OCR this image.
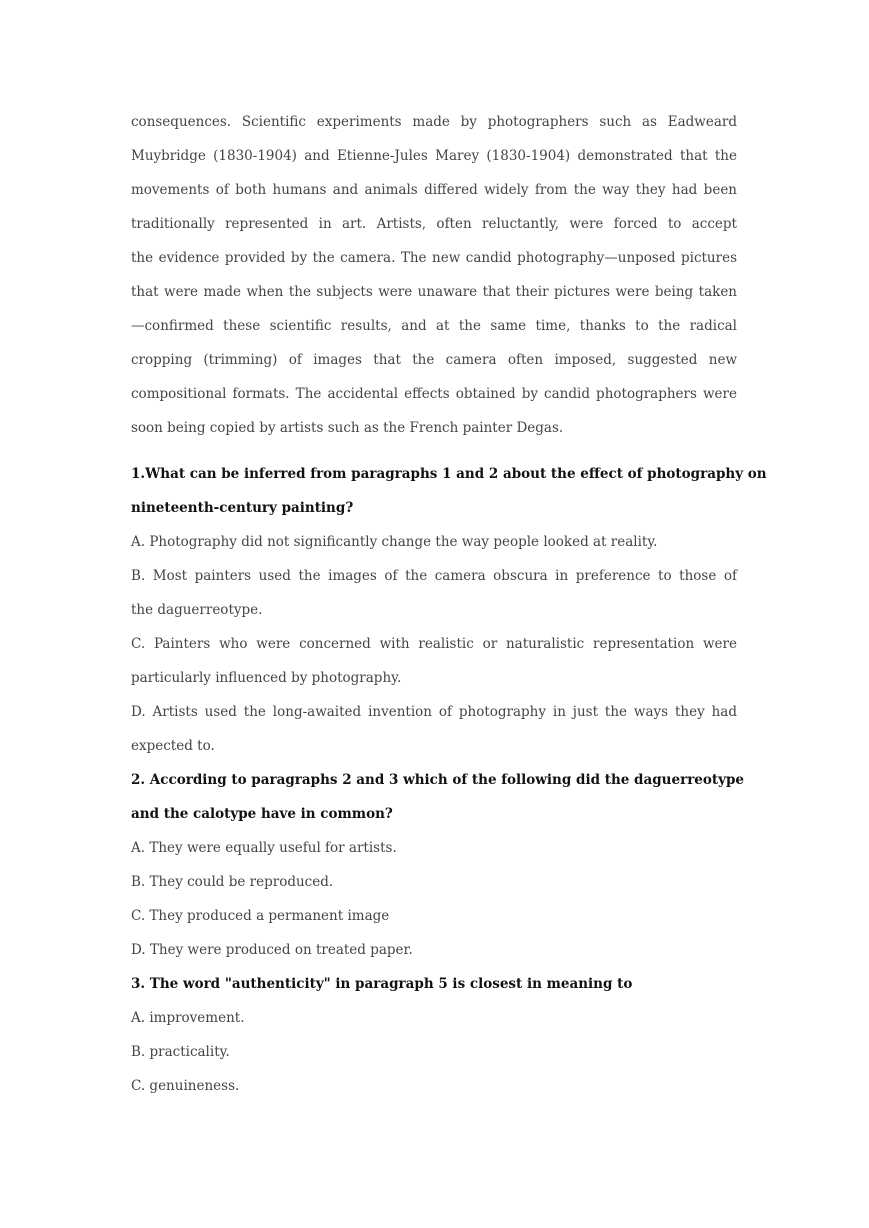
consequences. Scientific experiments made by photographers such as Eadweard
Muybridge (1830-1904) and Etienne-Jules Marey (1830-1904) demonstrated that the
movements of both humans and animals differed widely from the way they had been
traditionally represented in art. Artists, often reluctantly, were forced to accept
the evidence provided by the camera. The new candid photography—unposed pictures
that were made when the subjects were unaware that their pictures were being taken
—confirmed these scientific results, and at the same time, thanks to the radical
cropping (trimming) of images that the camera often imposed, suggested new
compositional formats. The accidental effects obtained by candid photographers were
soon being copied by artists such as the French painter Degas.
1.What can be inferred from paragraphs 1 and 2 about the effect of photography on
nineteenth-century painting?
A. Photography did not significantly change the way people looked at reality.
B. Most painters used the images of the camera obscura in preference to those of
the daguerreotype.
C. Painters who were concerned with realistic or naturalistic representation were
particularly influenced by photography.
D. Artists used the long-awaited invention of photography in just the ways they had
expected to.
2. According to paragraphs 2 and 3 which of the following did the daguerreotype
and the calotype have in common?
A. They were equally useful for artists.
B. They could be reproduced.
C. They produced a permanent image
D. They were produced on treated paper.
3. The word "authenticity" in paragraph 5 is closest in meaning to
A. improvement.
B. practicality.
C. genuineness.
